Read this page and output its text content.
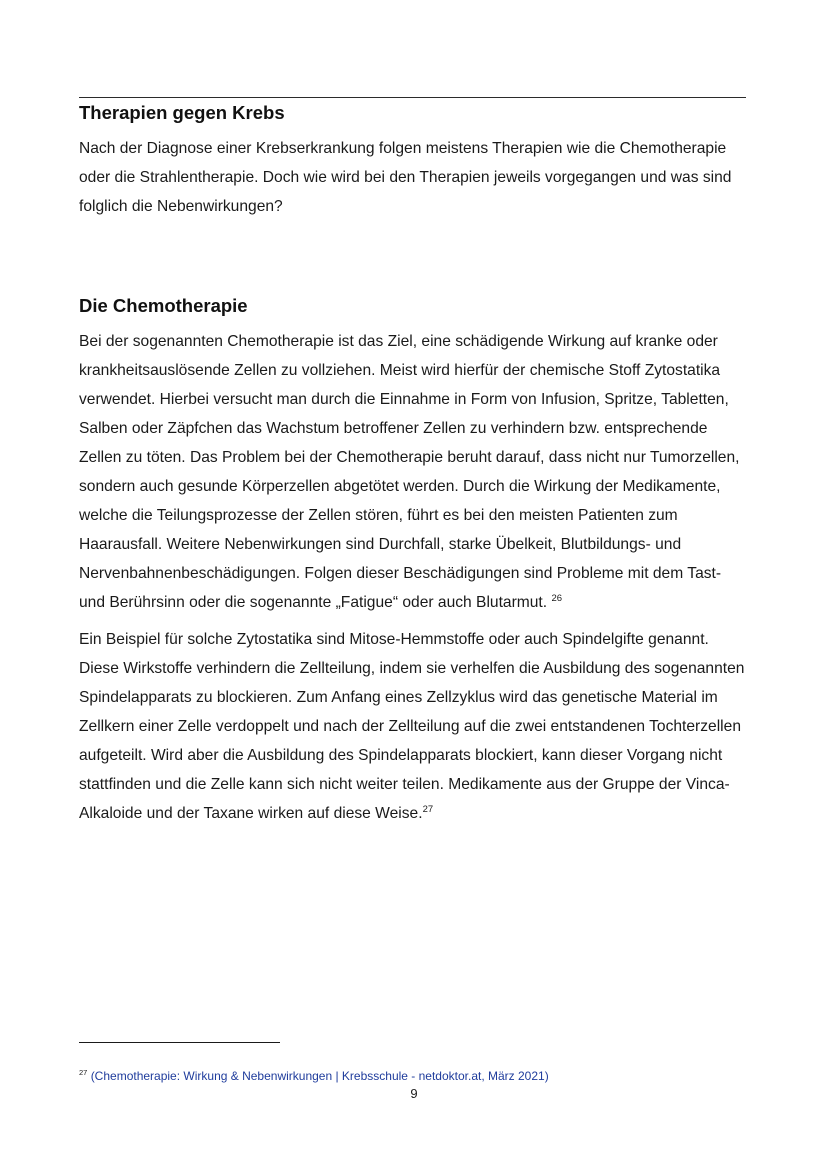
Therapien gegen Krebs

Nach der Diagnose einer Krebserkrankung folgen meistens Therapien wie die Chemotherapie oder die Strahlentherapie. Doch wie wird bei den Therapien jeweils vorgegangen und was sind folglich die Nebenwirkungen?

Die Chemotherapie

Bei der sogenannten Chemotherapie ist das Ziel, eine schädigende Wirkung auf kranke oder krankheitsauslösende Zellen zu vollziehen. Meist wird hierfür der chemische Stoff Zytostatika verwendet. Hierbei versucht man durch die Einnahme in Form von Infusion, Spritze, Tabletten, Salben oder Zäpfchen das Wachstum betroffener Zellen zu verhindern bzw. entsprechende Zellen zu töten. Das Problem bei der Chemotherapie beruht darauf, dass nicht nur Tumorzellen, sondern auch gesunde Körperzellen abgetötet werden. Durch die Wirkung der Medikamente, welche die Teilungsprozesse der Zellen stören, führt es bei den meisten Patienten zum Haarausfall. Weitere Nebenwirkungen sind Durchfall, starke Übelkeit, Blutbildungs- und Nervenbahnenbeschädigungen. Folgen dieser Beschädigungen sind Probleme mit dem Tast- und Berührsinn oder die sogenannte „Fatigue“ oder auch Blutarmut. $^{26}$

Ein Beispiel für solche Zytostatika sind Mitose-Hemmstoffe oder auch Spindelgifte genannt. Diese Wirkstoffe verhindern die Zellteilung, indem sie verhelfen die Ausbildung des sogenannten Spindelapparats zu blockieren. Zum Anfang eines Zellzyklus wird das genetische Material im Zellkern einer Zelle verdoppelt und nach der Zellteilung auf die zwei entstandenen Tochterzellen aufgeteilt. Wird aber die Ausbildung des Spindelapparats blockiert, kann dieser Vorgang nicht stattfinden und die Zelle kann sich nicht weiter teilen. Medikamente aus der Gruppe der Vinca-Alkaloide und der Taxane wirken auf diese Weise.$^{27}$

$^{27}$ (Chemotherapie: Wirkung & Nebenwirkungen | Krebsschule - netdoktor.at, März 2021)
9
